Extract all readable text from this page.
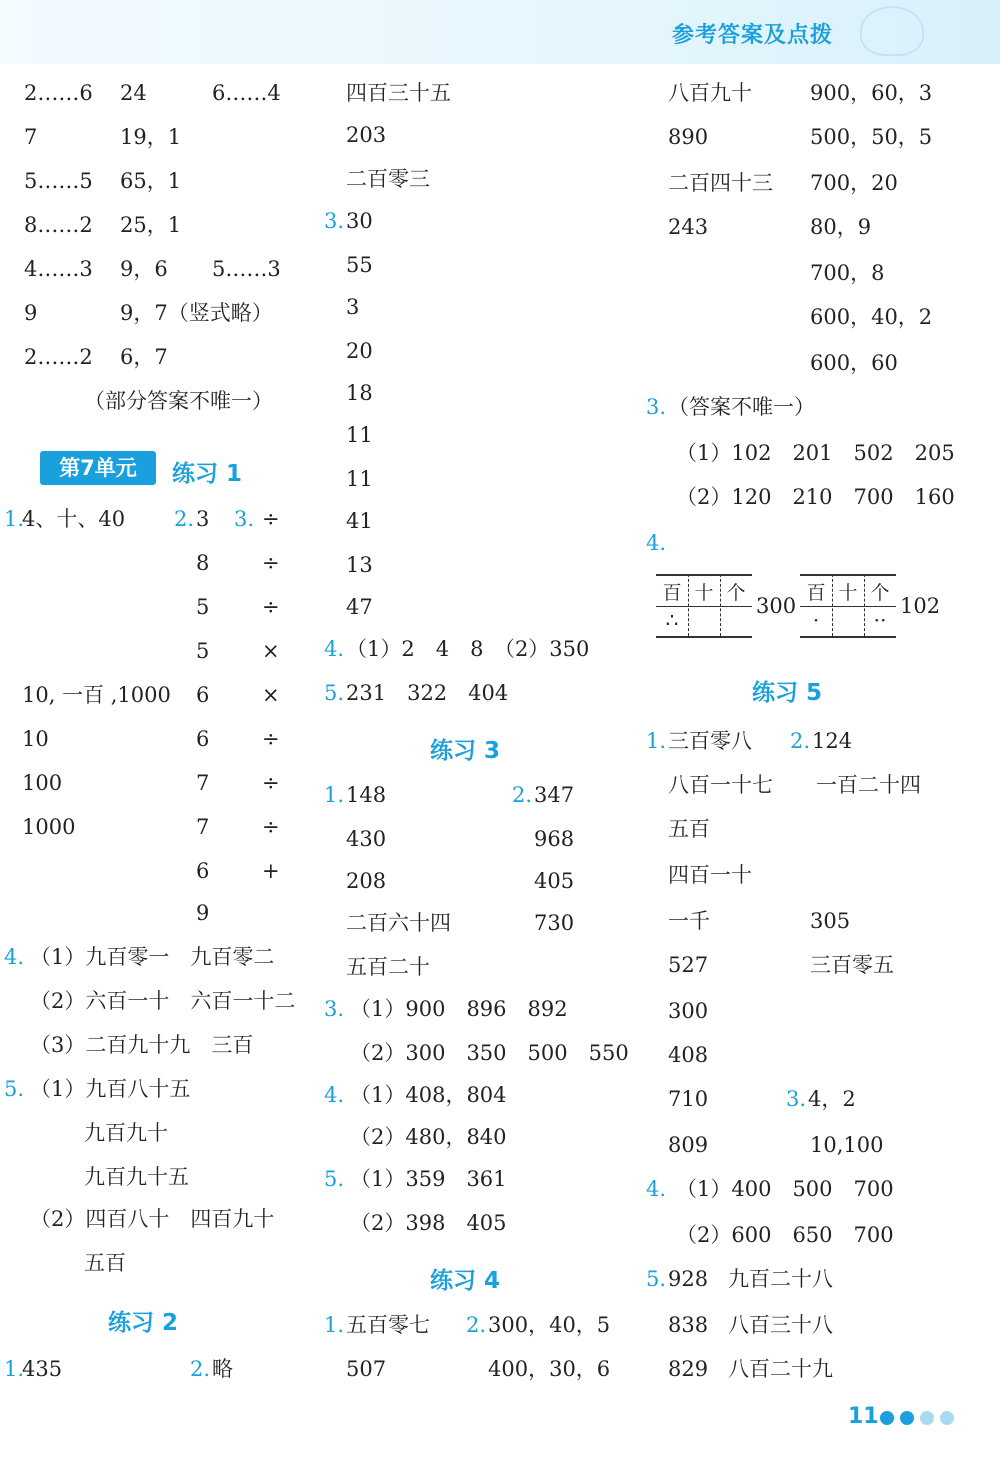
参考答案及点拨
2……6 24	6……4
7	19，1
5……5 65，1
8……2 25，1
4……3 9，6 5……3
9	9，7（竖式略）
2……2 6，7
（部分答案不唯一）
第7单元	练习 1
1.
4、十、40 2. 3 3. ÷
8	÷
5	÷
5	×
10, 一百 ,1000 6	×
10	6	÷
100	7	÷
1000	7	÷
6	+
9
4. （1）九百零一　九百零二
（2）六百一十　六百一十二
（3）二百九十九　三百
5. （1）九百八十五
九百九十
九百九十五
（2）四百八十　四百九十
五百
练习 2
1.
435	2. 略
四百三十五
203
二百零三
3. 30
55
3
20
18
11
11
41
13
47
4. （1）2　4　8　（2）350
5. 231　322　404
练习 3
1. 148	2. 347
430	968
208	405
二百六十四	730
五百二十
3. （1）900　896　892
（2）300　350　500　550
4. （1）408，804
（2）480，840
5. （1）359　361
（2）398　405
练习 4
1. 五百零七 2. 300，40，5
507	400，30，6
八百九十	900，60，3
890	500，50，5
二百四十三 700，20
243	80，9
700，8
600，40，2
600，60
3. （答案不唯一）
（1）102　201　502　205
（2）120　210　700　160
4.
百 十 个
∴
300
百 十 个
·	··
102
练习 5
1. 三百零八 2. 124
八百一十七 一百二十四
五百
四百一十
一千	305
527	三百零五
300
408
710	3. 4，2
809	10,100
4. （1）400　500　700
（2）600　650　700
5. 928 九百二十八
838 八百三十八
829 八百二十九
11
